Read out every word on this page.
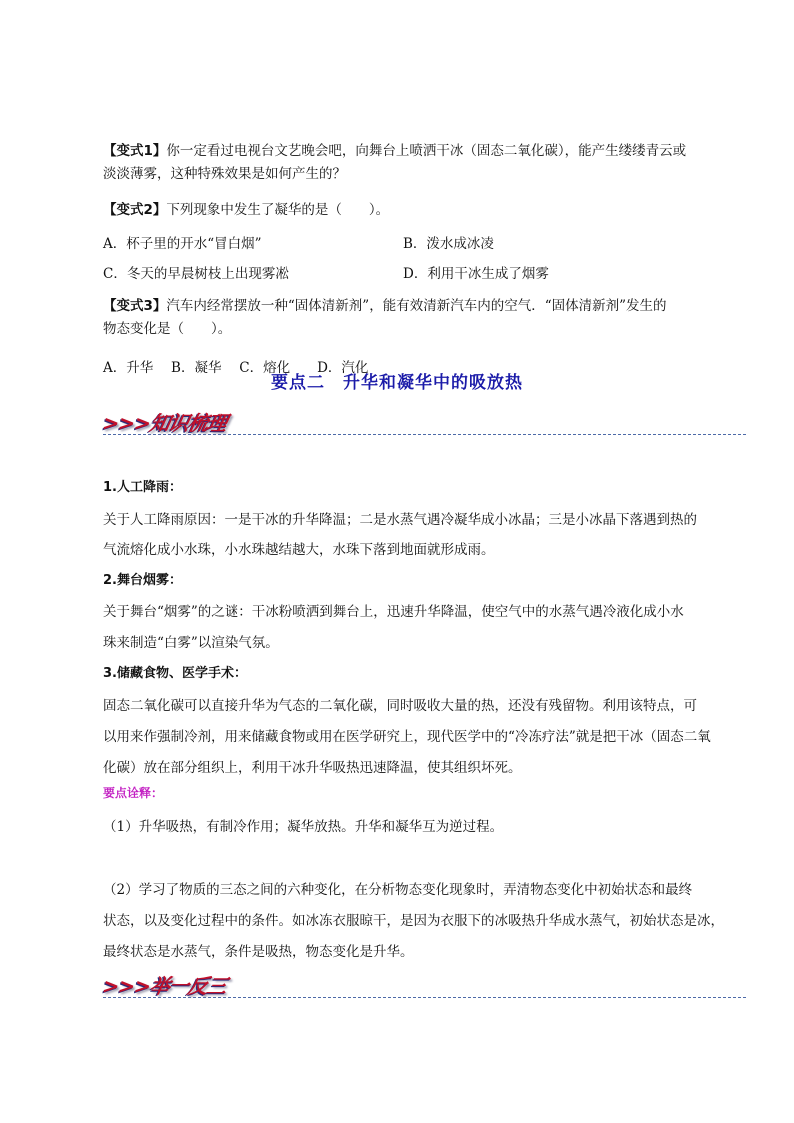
【变式1】你一定看过电视台文艺晚会吧，向舞台上喷洒干冰（固态二氧化碳），能产生缕缕青云或
淡淡薄雾，这种特殊效果是如何产生的？
【变式2】下列现象中发生了凝华的是（　　）。
A．杯子里的开水“冒白烟”	B．泼水成冰凌
C．冬天的早晨树枝上出现雾凇	D．利用干冰生成了烟雾
【变式3】汽车内经常摆放一种“固体清新剂”，能有效清新汽车内的空气．“固体清新剂”发生的
物态变化是（　　）。
A．升华　 B．凝华　 C．熔化　　D．汽化
要点二　升华和凝华中的吸放热
>>>知识梳理
1.人工降雨：
关于人工降雨原因：一是干冰的升华降温；二是水蒸气遇冷凝华成小冰晶；三是小冰晶下落遇到热的
气流熔化成小水珠，小水珠越结越大，水珠下落到地面就形成雨。
2.舞台烟雾：
关于舞台“烟雾”的之谜：干冰粉喷洒到舞台上，迅速升华降温，使空气中的水蒸气遇冷液化成小水
珠来制造“白雾”以渲染气氛。
3.储藏食物、医学手术：
固态二氧化碳可以直接升华为气态的二氧化碳，同时吸收大量的热，还没有残留物。利用该特点，可
以用来作强制冷剂，用来储藏食物或用在医学研究上，现代医学中的“冷冻疗法”就是把干冰（固态二氧
化碳）放在部分组织上，利用干冰升华吸热迅速降温，使其组织坏死。
要点诠释：
（1）升华吸热，有制冷作用；凝华放热。升华和凝华互为逆过程。
（2）学习了物质的三态之间的六种变化，在分析物态变化现象时，弄清物态变化中初始状态和最终
状态，以及变化过程中的条件。如冰冻衣服晾干，是因为衣服下的冰吸热升华成水蒸气，初始状态是冰，
最终状态是水蒸气，条件是吸热，物态变化是升华。
>>>举一反三
